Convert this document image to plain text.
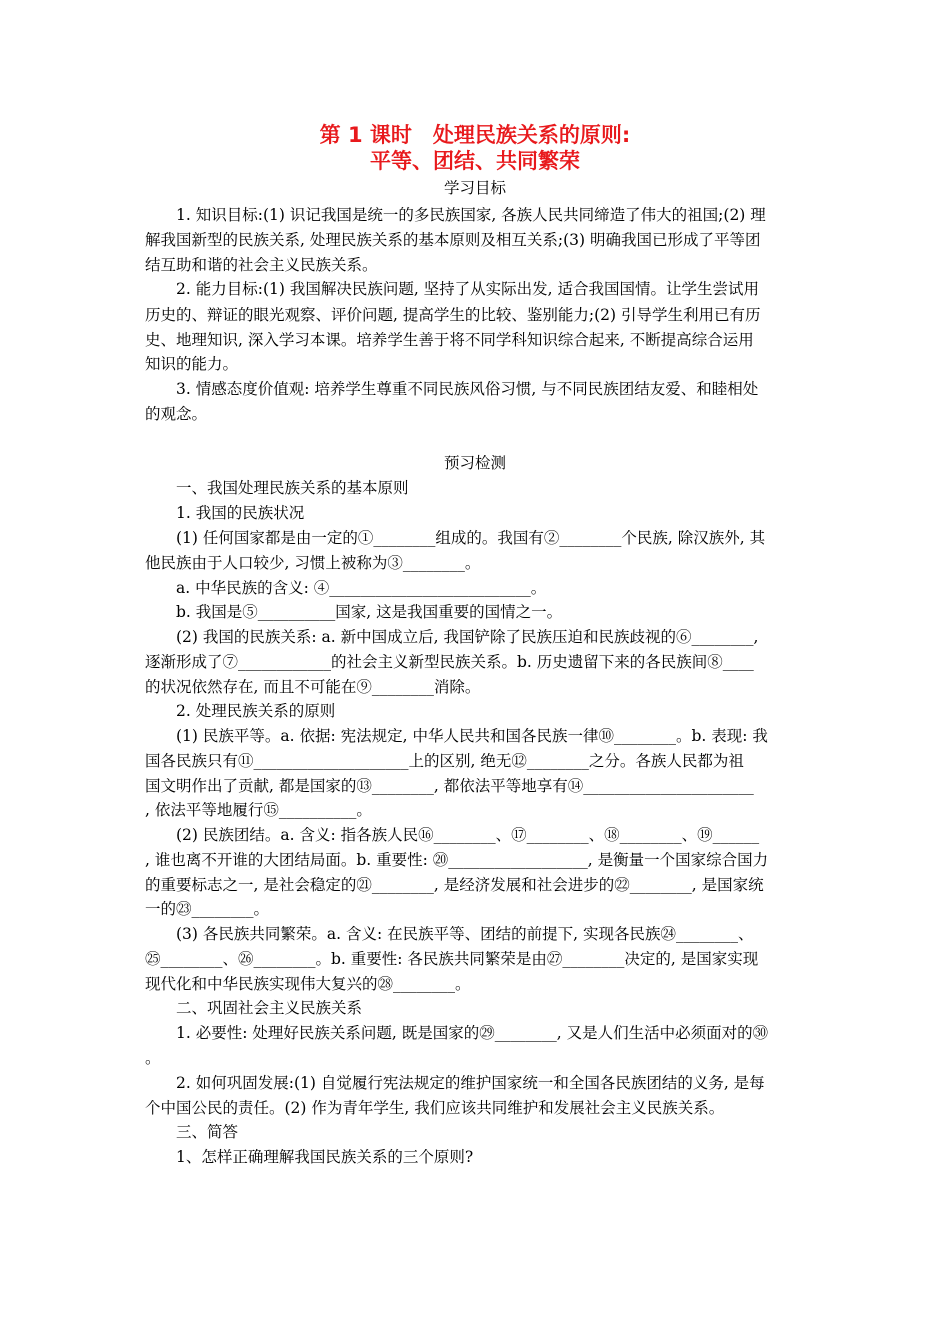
第 1 课时　处理民族关系的原则:
平等、团结、共同繁荣
学习目标
1. 知识目标:(1) 识记我国是统一的多民族国家, 各族人民共同缔造了伟大的祖国;(2) 理
解我国新型的民族关系, 处理民族关系的基本原则及相互关系;(3) 明确我国已形成了平等团
结互助和谐的社会主义民族关系。
2. 能力目标:(1) 我国解决民族问题, 坚持了从实际出发, 适合我国国情。让学生尝试用
历史的、辩证的眼光观察、评价问题, 提高学生的比较、鉴别能力;(2) 引导学生利用已有历
史、地理知识, 深入学习本课。培养学生善于将不同学科知识综合起来, 不断提高综合运用
知识的能力。
3. 情感态度价值观: 培养学生尊重不同民族风俗习惯, 与不同民族团结友爱、和睦相处
的观念。
预习检测
一、我国处理民族关系的基本原则
1. 我国的民族状况
(1) 任何国家都是由一定的①________组成的。我国有②________个民族, 除汉族外, 其
他民族由于人口较少, 习惯上被称为③________。
a. 中华民族的含义: ④__________________________。
b. 我国是⑤__________国家, 这是我国重要的国情之一。
(2) 我国的民族关系: a. 新中国成立后, 我国铲除了民族压迫和民族歧视的⑥________,
逐渐形成了⑦____________的社会主义新型民族关系。b. 历史遗留下来的各民族间⑧____
的状况依然存在, 而且不可能在⑨________消除。
2. 处理民族关系的原则
(1) 民族平等。a. 依据: 宪法规定, 中华人民共和国各民族一律⑩________。b. 表现: 我
国各民族只有⑪____________________上的区别, 绝无⑫________之分。各族人民都为祖
国文明作出了贡献, 都是国家的⑬________, 都依法平等地享有⑭______________________
, 依法平等地履行⑮__________。
(2) 民族团结。a. 含义: 指各族人民⑯________、⑰________、⑱________、⑲______
, 谁也离不开谁的大团结局面。b. 重要性: ⑳__________________, 是衡量一个国家综合国力
的重要标志之一, 是社会稳定的㉑________, 是经济发展和社会进步的㉒________, 是国家统
一的㉓________。
(3) 各民族共同繁荣。a. 含义: 在民族平等、团结的前提下, 实现各民族㉔________、
㉕________、㉖________。b. 重要性: 各民族共同繁荣是由㉗________决定的, 是国家实现
现代化和中华民族实现伟大复兴的㉘________。
二、巩固社会主义民族关系
1. 必要性: 处理好民族关系问题, 既是国家的㉙________, 又是人们生活中必须面对的㉚
。
2. 如何巩固发展:(1) 自觉履行宪法规定的维护国家统一和全国各民族团结的义务, 是每
个中国公民的责任。(2) 作为青年学生, 我们应该共同维护和发展社会主义民族关系。
三、简答
1、怎样正确理解我国民族关系的三个原则?
